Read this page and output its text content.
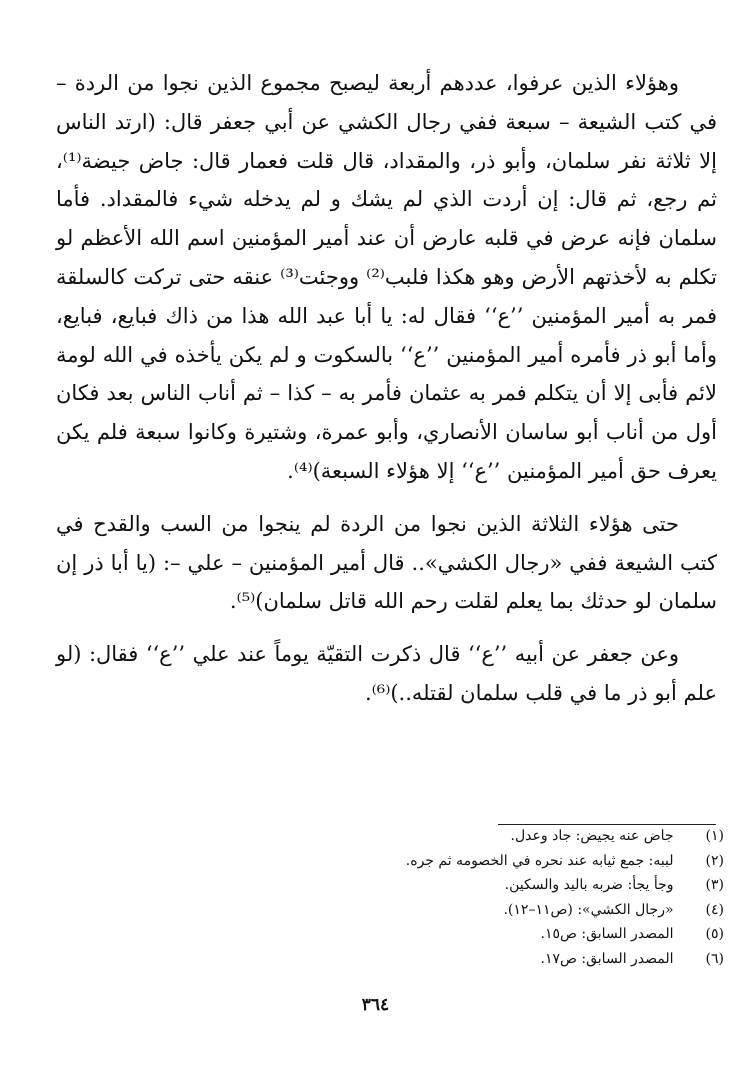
وهؤلاء الذين عرفوا، عددهم أربعة ليصبح مجموع الذين نجوا من الردة – في كتب الشيعة – سبعة ففي رجال الكشي عن أبي جعفر قال: (ارتد الناس إلا ثلاثة نفر سلمان، وأبو ذر، والمقداد، قال قلت فعمار قال: جاض جيضة⁽¹⁾، ثم رجع، ثم قال: إن أردت الذي لم يشك و لم يدخله شيء فالمقداد. فأما سلمان فإنه عرض في قلبه عارض أن عند أمير المؤمنين اسم الله الأعظم لو تكلم به لأخذتهم الأرض وهو هكذا فلبب⁽²⁾ ووجئت⁽³⁾ عنقه حتى تركت كالسلقة فمر به أمير المؤمنين ’’ع‘‘ فقال له: يا أبا عبد الله هذا من ذاك فبايع، فبايع، وأما أبو ذر فأمره أمير المؤمنين ’’ع‘‘ بالسكوت و لم يكن يأخذه في الله لومة لائم فأبى إلا أن يتكلم فمر به عثمان فأمر به – كذا – ثم أناب الناس بعد فكان أول من أناب أبو ساسان الأنصاري، وأبو عمرة، وشتيرة وكانوا سبعة فلم يكن يعرف حق أمير المؤمنين ’’ع‘‘ إلا هؤلاء السبعة)⁽⁴⁾.

حتى هؤلاء الثلاثة الذين نجوا من الردة لم ينجوا من السب والقدح في كتب الشيعة ففي «رجال الكشي».. قال أمير المؤمنين – علي –: (يا أبا ذر إن سلمان لو حدثك بما يعلم لقلت رحم الله قاتل سلمان)⁽⁵⁾.

وعن جعفر عن أبيه ’’ع‘‘ قال ذكرت التقيّة يوماً عند علي ’’ع‘‘ فقال: (لو علم أبو ذر ما في قلب سلمان لقتله..)⁽⁶⁾.

(١) جاض عنه يجيض: جاد وعدل.
(٢) لببه: جمع ثيابه عند نحره في الخصومه ثم جره.
(٣) وجأ يجأ: ضربه باليد والسكين.
(٤) «رجال الكشي»: (ص١١–١٢).
(٥) المصدر السابق: ص١٥.
(٦) المصدر السابق: ص١٧.
٣٦٤
